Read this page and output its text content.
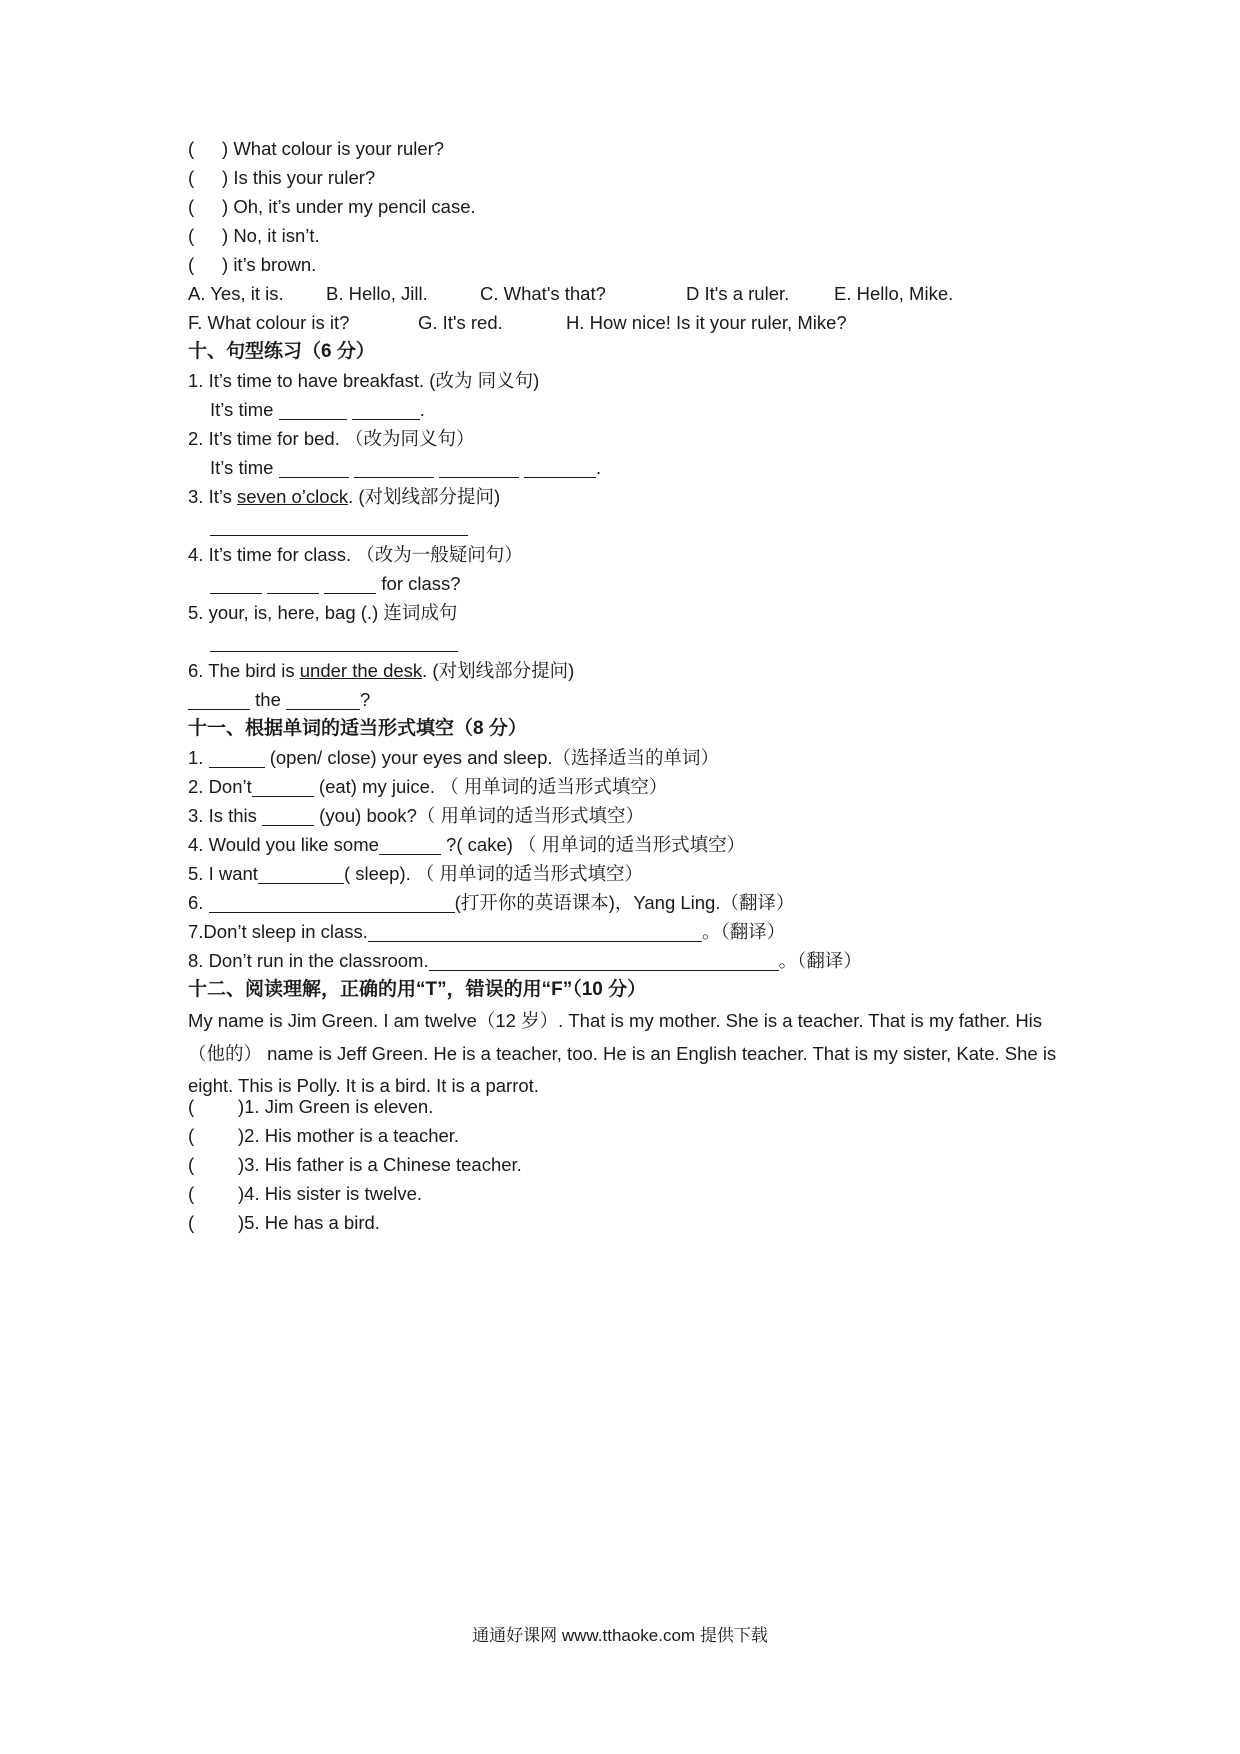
( ) What colour is your ruler?
( ) Is this your ruler?
( ) Oh, it’s under my pencil case.
( ) No, it isn’t.
( ) it’s brown.
A. Yes, it is. B. Hello, Jill.	C. What's that?	D It's a ruler. E. Hello, Mike.
F. What colour is it?	G. It's red.	H. How nice! Is it your ruler, Mike?
十、句型练习（6 分）
1. It’s time to have breakfast. (改为 同义句)
It’s time	.
2. It’s time for bed. （改为同义句）
It’s time	.
3. It’s seven o’clock. (对划线部分提问)
4. It’s time for class. （改为一般疑问句）
for class?
5. your, is, here, bag (.) 连词成句
6. The bird is under the desk. (对划线部分提问)
the	?
十一、根据单词的适当形式填空（8 分）
1.	(open/ close) your eyes and sleep.（选择适当的单词）
2. Don’t	(eat) my juice. （ 用单词的适当形式填空）
3. Is this	(you) book?（ 用单词的适当形式填空）
4. Would you like some	?( cake) （ 用单词的适当形式填空）
5. I want	( sleep). （ 用单词的适当形式填空）
6.	(打开你的英语课本)，Yang Ling.（翻译）
7.Don’t sleep in class.	。（翻译）
8. Don’t run in the classroom.	。（翻译）
十二、阅读理解，正确的用“T”，错误的用“F”（10 分）
My name is Jim Green. I am twelve（12 岁）. That is my mother. She is a teacher. That is my father. His（他的） name is Jeff Green. He is a teacher, too. He is an English teacher. That is my sister, Kate. She is eight. This is Polly. It is a bird. It is a parrot.
( )1. Jim Green is eleven.
( )2. His mother is a teacher.
( )3. His father is a Chinese teacher.
( )4. His sister is twelve.
( )5. He has a bird.
通通好课网 www.tthaoke.com 提供下载
